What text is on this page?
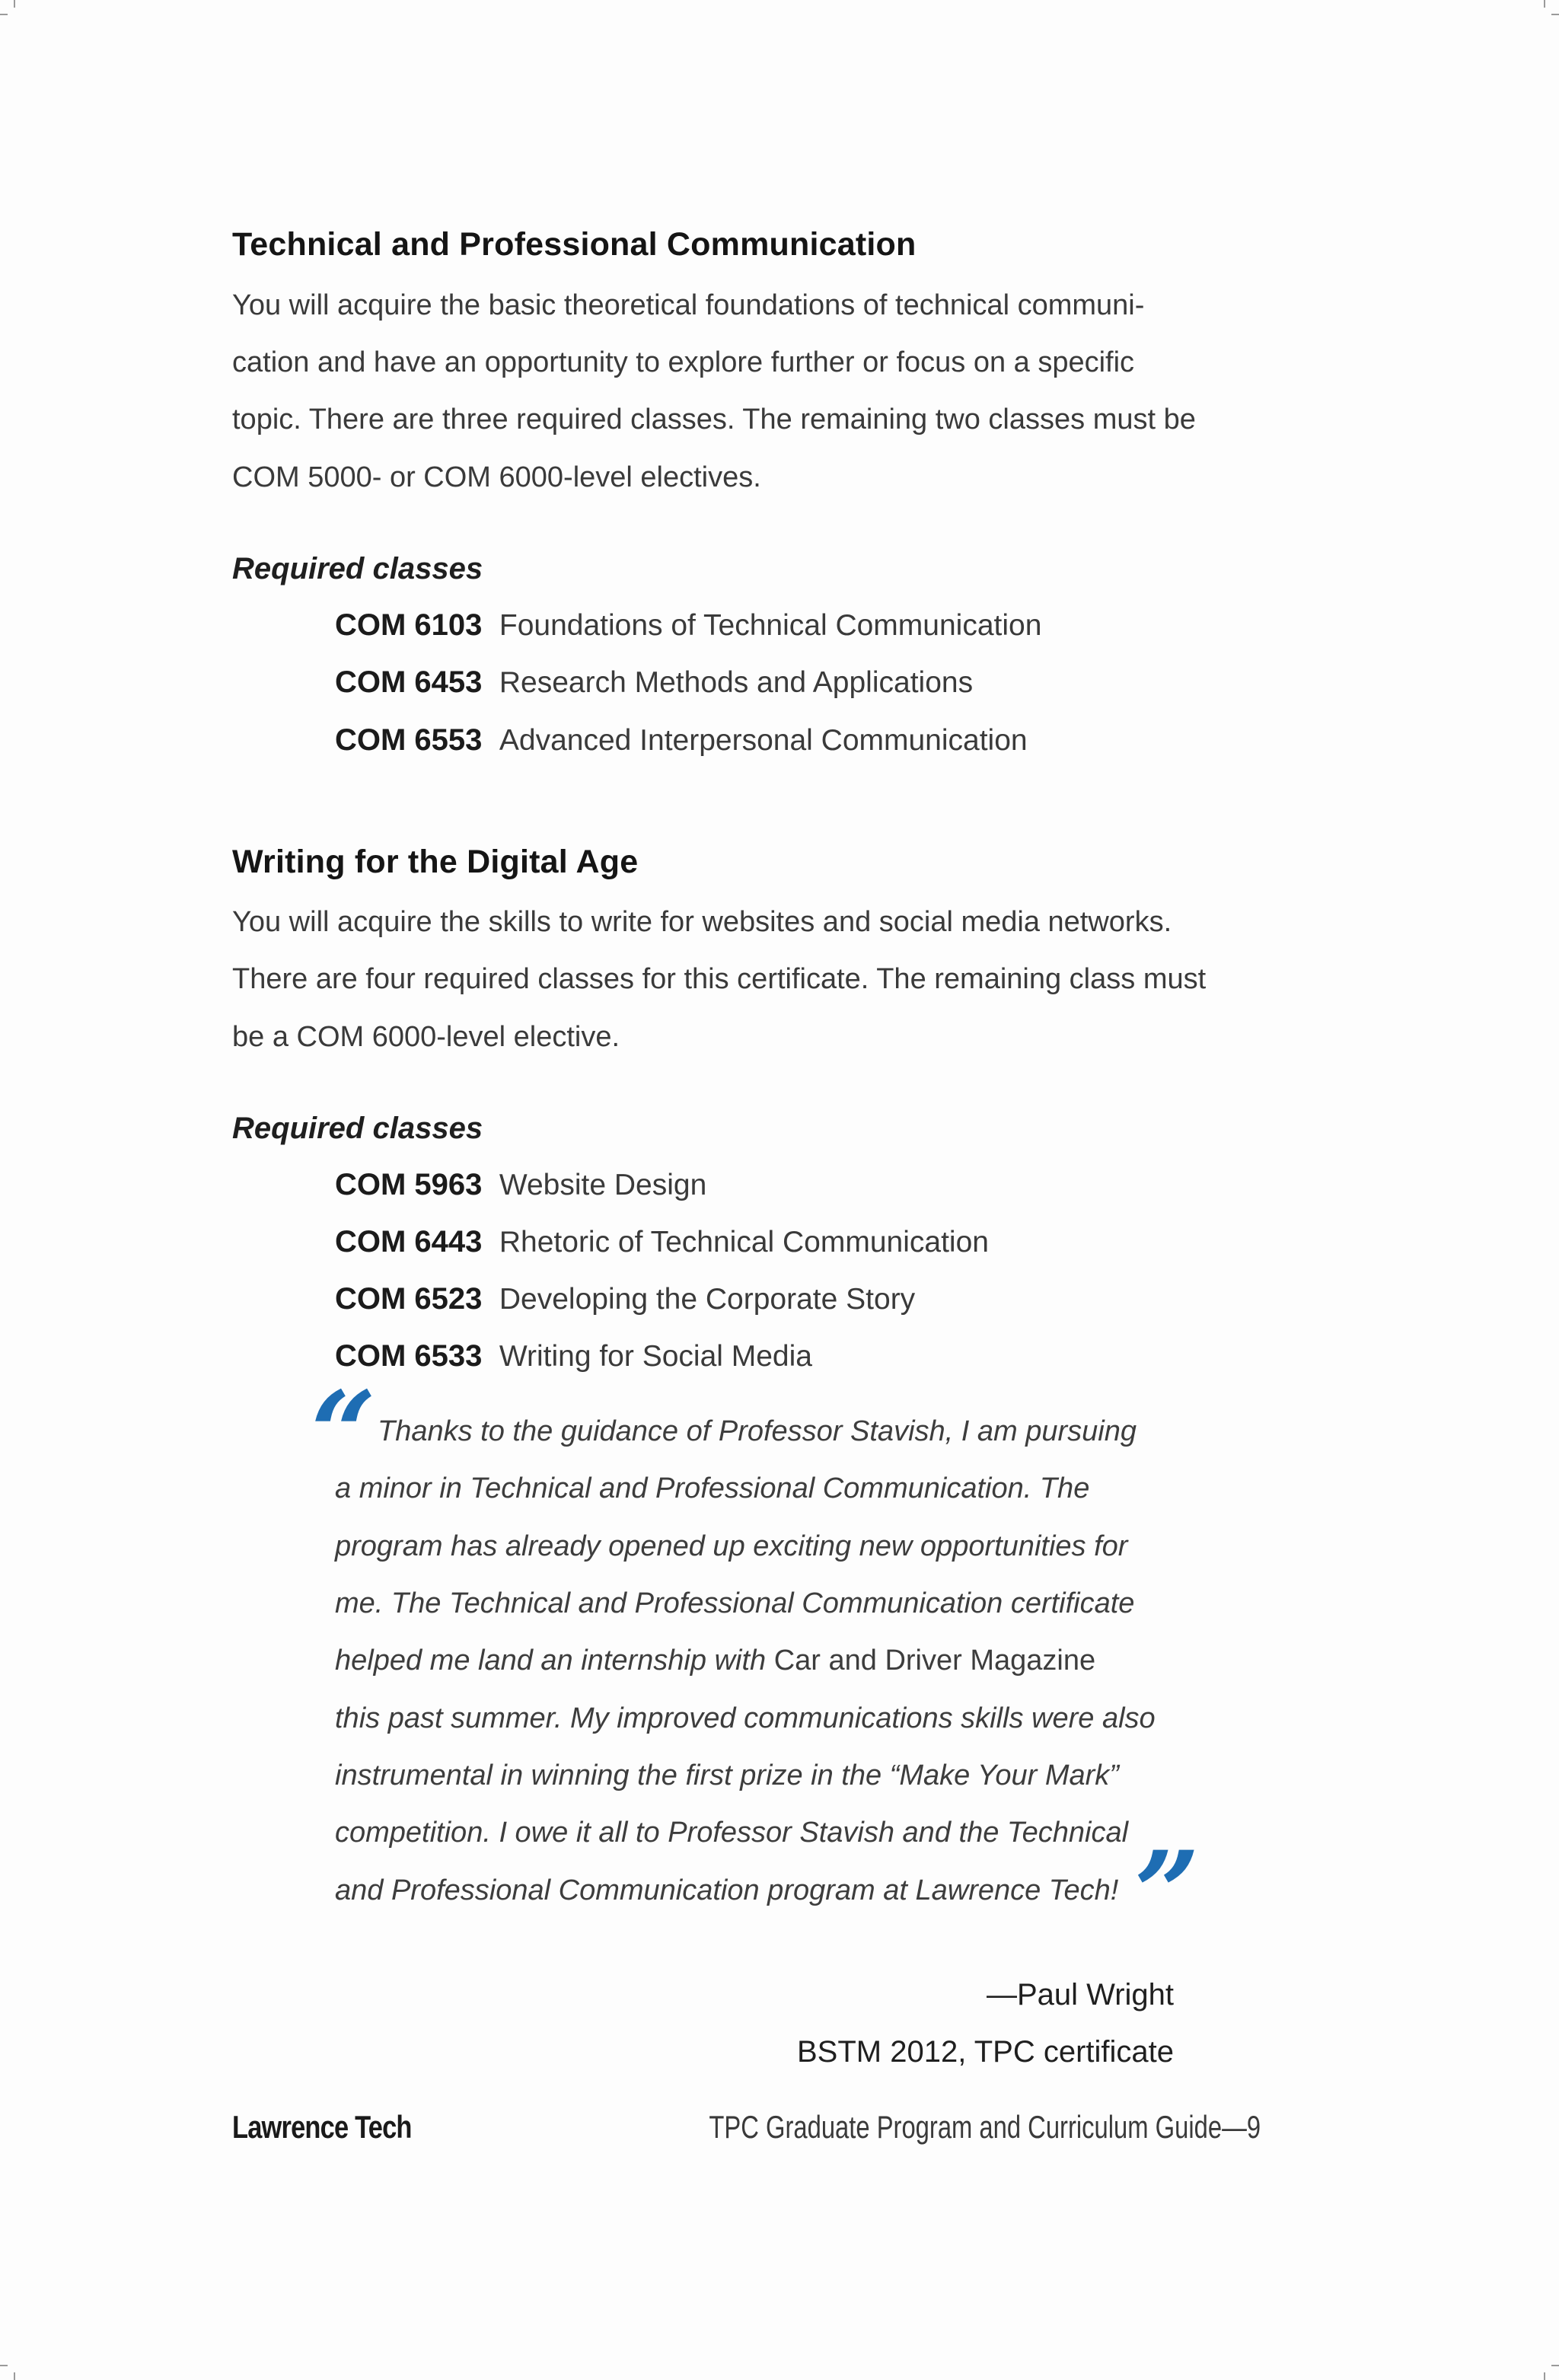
Technical and Professional Communication
You will acquire the basic theoretical foundations of technical communi-
cation and have an opportunity to explore further or focus on a specific
topic. There are three required classes. The remaining two classes must be
COM 5000- or COM 6000-level electives.
Required classes
COM 6103 Foundations of Technical Communication
COM 6453 Research Methods and Applications
COM 6553 Advanced Interpersonal Communication
Writing for the Digital Age
You will acquire the skills to write for websites and social media networks.
There are four required classes for this certificate. The remaining class must
be a COM 6000-level elective.
Required classes
COM 5963 Website Design
COM 6443 Rhetoric of Technical Communication
COM 6523 Developing the Corporate Story
COM 6533 Writing for Social Media
“ Thanks to the guidance of Professor Stavish, I am pursuing
a minor in Technical and Professional Communication. The
program has already opened up exciting new opportunities for
me. The Technical and Professional Communication certificate
helped me land an internship with Car and Driver Magazine
this past summer. My improved communications skills were also
instrumental in winning the first prize in the “Make Your Mark”
competition. I owe it all to Professor Stavish and the Technical
and Professional Communication program at Lawrence Tech! ”
—Paul Wright
BSTM 2012, TPC certificate
Lawrence Tech	TPC Graduate Program and Curriculum Guide—9
